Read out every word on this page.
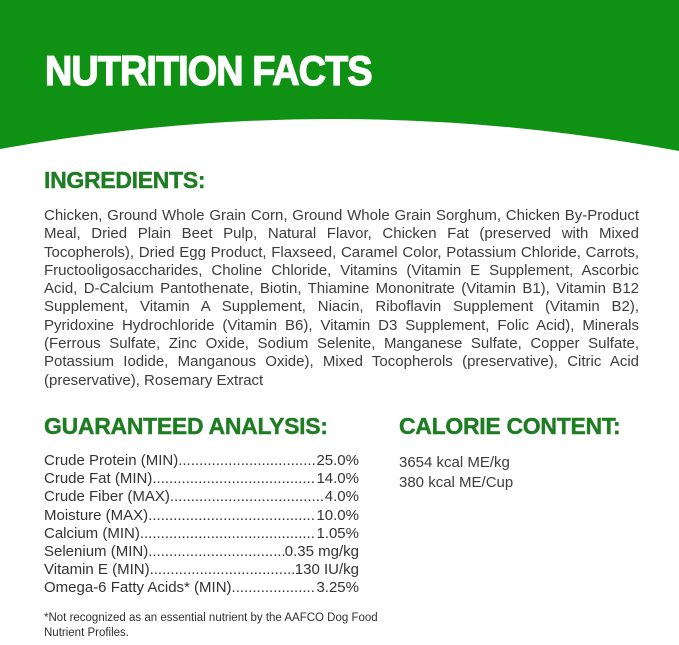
NUTRITION FACTS
INGREDIENTS:

Chicken, Ground Whole Grain Corn, Ground Whole Grain Sorghum, Chicken By-Product Meal, Dried Plain Beet Pulp, Natural Flavor, Chicken Fat (preserved with Mixed Tocopherols), Dried Egg Product, Flaxseed, Caramel Color, Potassium Chloride, Carrots, Fructooligosaccharides, Choline Chloride, Vitamins (Vitamin E Supplement, Ascorbic Acid, D-Calcium Pantothenate, Biotin, Thiamine Mononitrate (Vitamin B1), Vitamin B12 Supplement, Vitamin A Supplement, Niacin, Riboflavin Supplement (Vitamin B2), Pyridoxine Hydrochloride (Vitamin B6), Vitamin D3 Supplement, Folic Acid), Minerals (Ferrous Sulfate, Zinc Oxide, Sodium Selenite, Manganese Sulfate, Copper Sulfate, Potassium Iodide, Manganous Oxide), Mixed Tocopherols (preservative), Citric Acid (preservative), Rosemary Extract

GUARANTEED ANALYSIS:
Crude Protein (MIN) .....	25.0%
Crude Fat (MIN) .....	14.0%
Crude Fiber (MAX) .....	4.0%
Moisture (MAX) .....	10.0%
Calcium (MIN) .....	1.05%
Selenium (MIN) .....	0.35 mg/kg
Vitamin E (MIN) .....	130 IU/kg
Omega-6 Fatty Acids* (MIN) .....	3.25%
CALORIE CONTENT:
3654 kcal ME/kg
380 kcal ME/Cup
*Not recognized as an essential nutrient by the AAFCO Dog Food Nutrient Profiles.
